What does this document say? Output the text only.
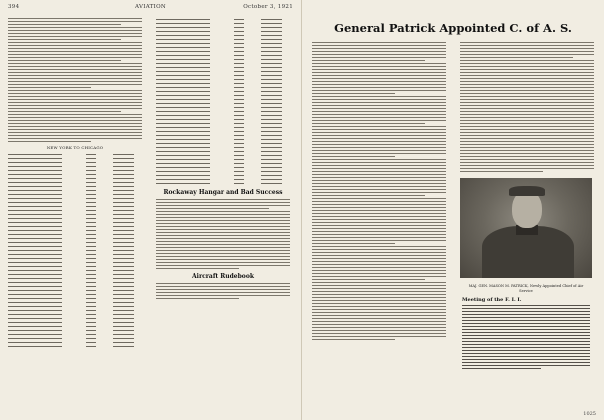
394	AVIATION	October 3, 1921
NEW YORK TO CHICAGO
Rockaway Hangar and Bad Success
Aircraft Rudebook
General Patrick Appointed C. of A. S.
MAJ. GEN. MASON M. PATRICK, Newly Appointed Chief of Air Service
Meeting of the F. I. I.
1025
